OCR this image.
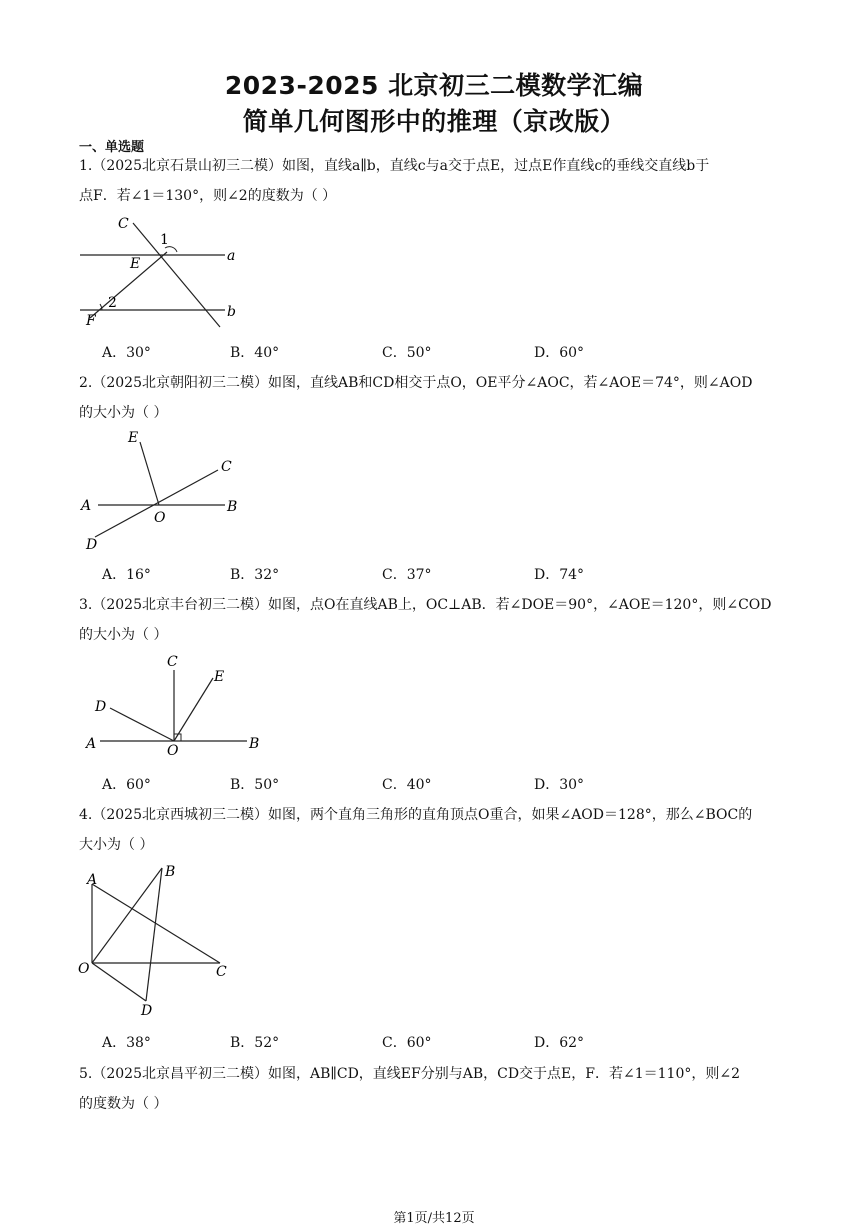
2023-2025 北京初三二模数学汇编
简单几何图形中的推理（京改版）
一、单选题
1.（2025北京石景山初三二模）如图，直线a∥b，直线c与a交于点E，过点E作直线c的垂线交直线b于
点F．若∠1＝130°，则∠2的度数为（ ）
C
1
a
E
2
F
b
A．30°	B．40°	C．50°	D．60°
2.（2025北京朝阳初三二模）如图，直线AB和CD相交于点O，OE平分∠AOC，若∠AOE＝74°，则∠AOD
的大小为（ ）
E
C
A
O
B
D
A．16°	B．32°	C．37°	D．74°
3.（2025北京丰台初三二模）如图，点O在直线AB上，OC⊥AB．若∠DOE＝90°，∠AOE＝120°，则∠COD
的大小为（ ）
C
E
D
A	O	B
A．60°	B．50°	C．40°	D．30°
4.（2025北京西城初三二模）如图，两个直角三角形的直角顶点O重合，如果∠AOD＝128°，那么∠BOC的
大小为（ ）
A	B
O	C
D
A．38°	B．52°	C．60°	D．62°
5.（2025北京昌平初三二模）如图，AB∥CD，直线EF分别与AB，CD交于点E，F．若∠1＝110°，则∠2
的度数为（ ）
第1页/共12页
